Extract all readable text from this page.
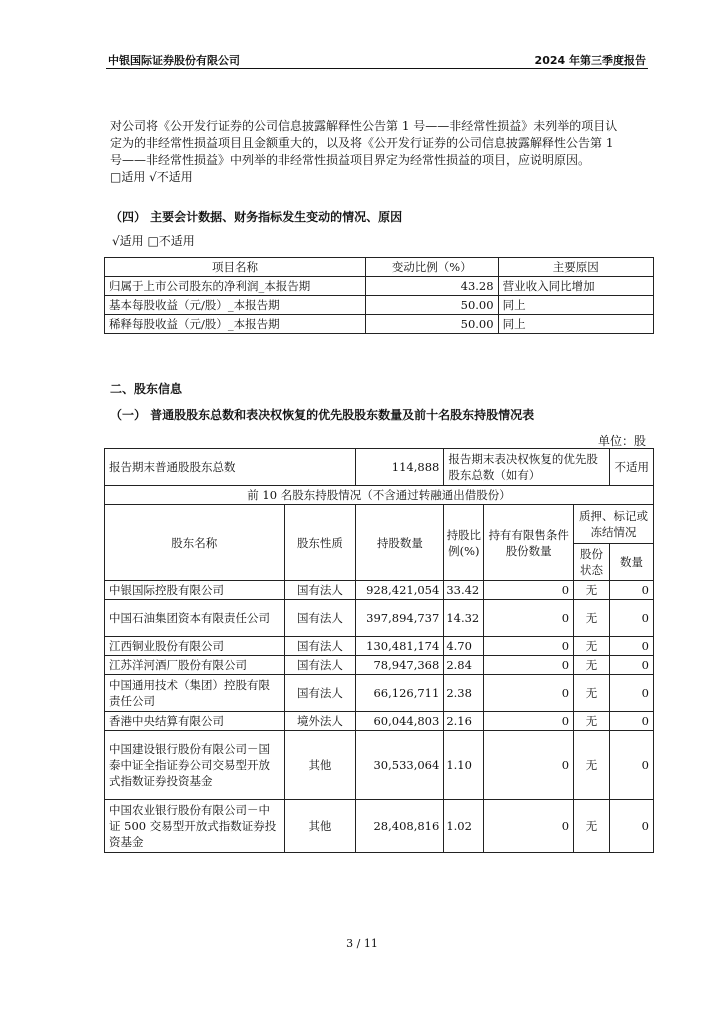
中银国际证券股份有限公司	2024 年第三季度报告

对公司将《公开发行证券的公司信息披露解释性公告第 1 号——非经常性损益》未列举的项目认

定为的非经常性损益项目且金额重大的，以及将《公开发行证券的公司信息披露解释性公告第 1

号——非经常性损益》中列举的非经常性损益项目界定为经常性损益的项目，应说明原因。

□适用 √不适用

（四） 主要会计数据、财务指标发生变动的情况、原因
√适用 □不适用
项目名称	变动比例（%）	主要原因
归属于上市公司股东的净利润_本报告期	43.28	营业收入同比增加
基本每股收益（元/股）_本报告期	50.00	同上
稀释每股收益（元/股）_本报告期	50.00	同上
二、股东信息
（一） 普通股股东总数和表决权恢复的优先股股东数量及前十名股东持股情况表
单位：股
报告期末普通股股东总数		114,888	报告期末表决权恢复的优先股股东总数（如有）			不适用
前 10 名股东持股情况（不含通过转融通出借股份）						
股东名称	股东性质	持股数量	持股比例(%)	持有有限售条件股份数量	质押、标记或冻结情况	
					股份状态	数量
中银国际控股有限公司	国有法人	928,421,054	33.42	0	无	0
中国石油集团资本有限责任公司	国有法人	397,894,737	14.32	0	无	0
江西铜业股份有限公司	国有法人	130,481,174	4.70	0	无	0
江苏洋河酒厂股份有限公司	国有法人	78,947,368	2.84	0	无	0
中国通用技术（集团）控股有限责任公司	国有法人	66,126,711	2.38	0	无	0
香港中央结算有限公司	境外法人	60,044,803	2.16	0	无	0
中国建设银行股份有限公司－国泰中证全指证券公司交易型开放式指数证券投资基金	其他	30,533,064	1.10	0	无	0
中国农业银行股份有限公司－中证 500 交易型开放式指数证券投资基金	其他	28,408,816	1.02	0	无	0
3 / 11
